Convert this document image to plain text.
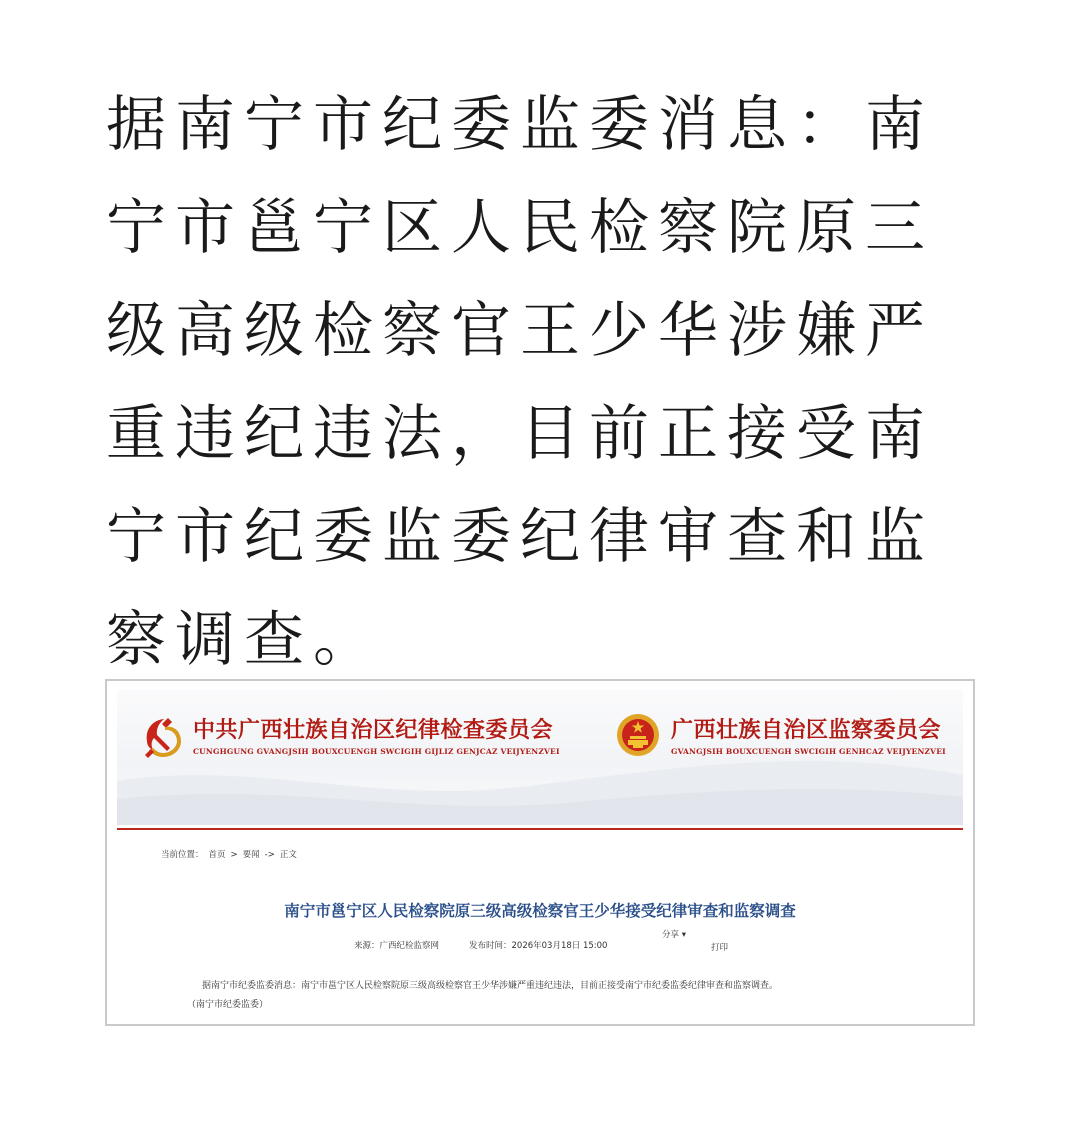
据南宁市纪委监委消息：南宁市邕宁区人民检察院原三级高级检察官王少华涉嫌严重违纪违法，目前正接受南宁市纪委监委纪律审查和监察调查。

中共广西壮族自治区纪律检查委员会
CUNGHGUNG GVANGJSIH BOUXCUENGH SWCIGIH GIJLIZ GENJCAZ VEIJYENZVEI
广西壮族自治区监察委员会
GVANGJSIH BOUXCUENGH SWCIGIH GENHCAZ VEIJYENZVEI
当前位置： 首页 > 要闻 -> 正文
南宁市邕宁区人民检察院原三级高级检察官王少华接受纪律审查和监察调查
来源：广西纪检监察网	发布时间：2026年03月18日 15:00
分享 ▾
打印
据南宁市纪委监委消息：南宁市邕宁区人民检察院原三级高级检察官王少华涉嫌严重违纪违法，目前正接受南宁市纪委监委纪律审查和监察调查。
（南宁市纪委监委）
